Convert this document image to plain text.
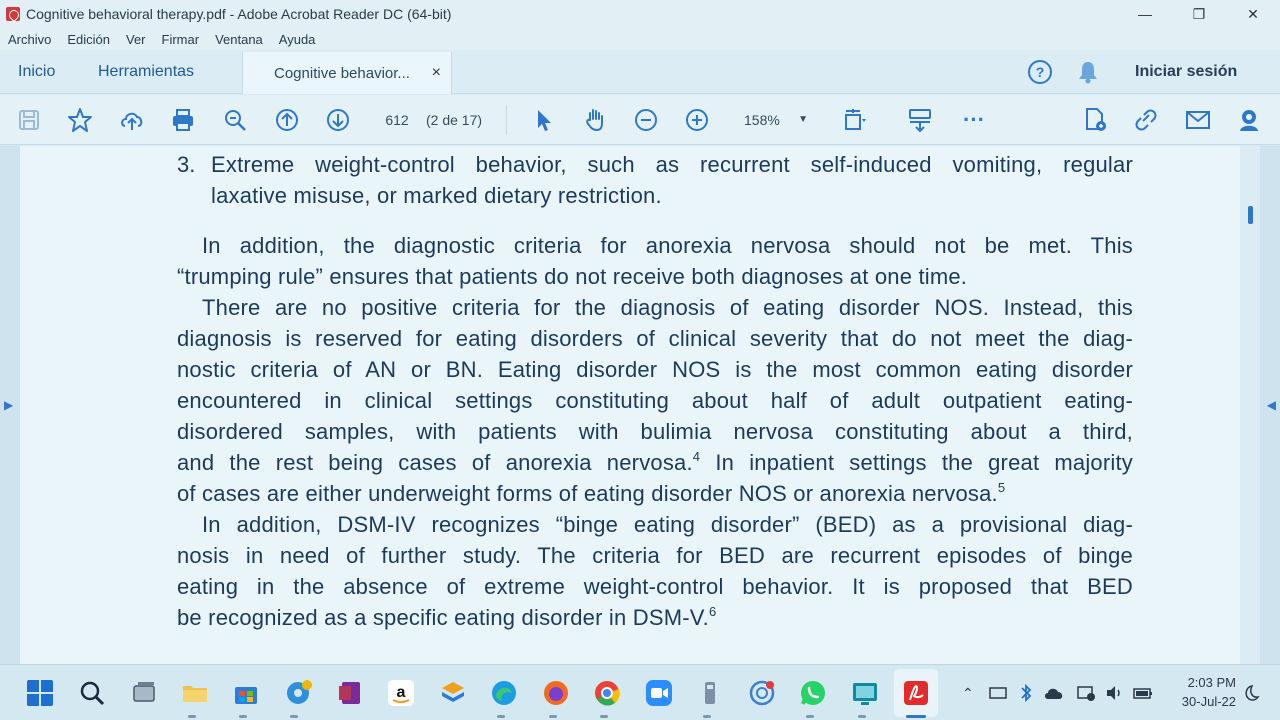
Cognitive behavioral therapy.pdf - Adobe Acrobat Reader DC (64-bit)	—	❐	✕
Archivo Edición Ver Firmar Ventana Ayuda
Inicio	Herramientas	Cognitive behavior... ×	?	Iniciar sesión
612	(2 de 17)	158% ▼	···
▶	◀
3. Extreme weight-control behavior, such as recurrent self-induced vomiting, regular
laxative misuse, or marked dietary restriction.
In addition, the diagnostic criteria for anorexia nervosa should not be met. This
“trumping rule” ensures that patients do not receive both diagnoses at one time.
There are no positive criteria for the diagnosis of eating disorder NOS. Instead, this
diagnosis is reserved for eating disorders of clinical severity that do not meet the diag-
nostic criteria of AN or BN. Eating disorder NOS is the most common eating disorder
encountered in clinical settings constituting about half of adult outpatient eating-
disordered samples, with patients with bulimia nervosa constituting about a third,
and the rest being cases of anorexia nervosa.$^4$ In inpatient settings the great majority
of cases are either underweight forms of eating disorder NOS or anorexia nervosa.$^5$
In addition, DSM-IV recognizes “binge eating disorder” (BED) as a provisional diag-
nosis in need of further study. The criteria for BED are recurrent episodes of binge
eating in the absence of extreme weight-control behavior. It is proposed that BED
be recognized as a specific eating disorder in DSM-V.$^6$
a	⌃
2:03 PM
30-Jul-22
